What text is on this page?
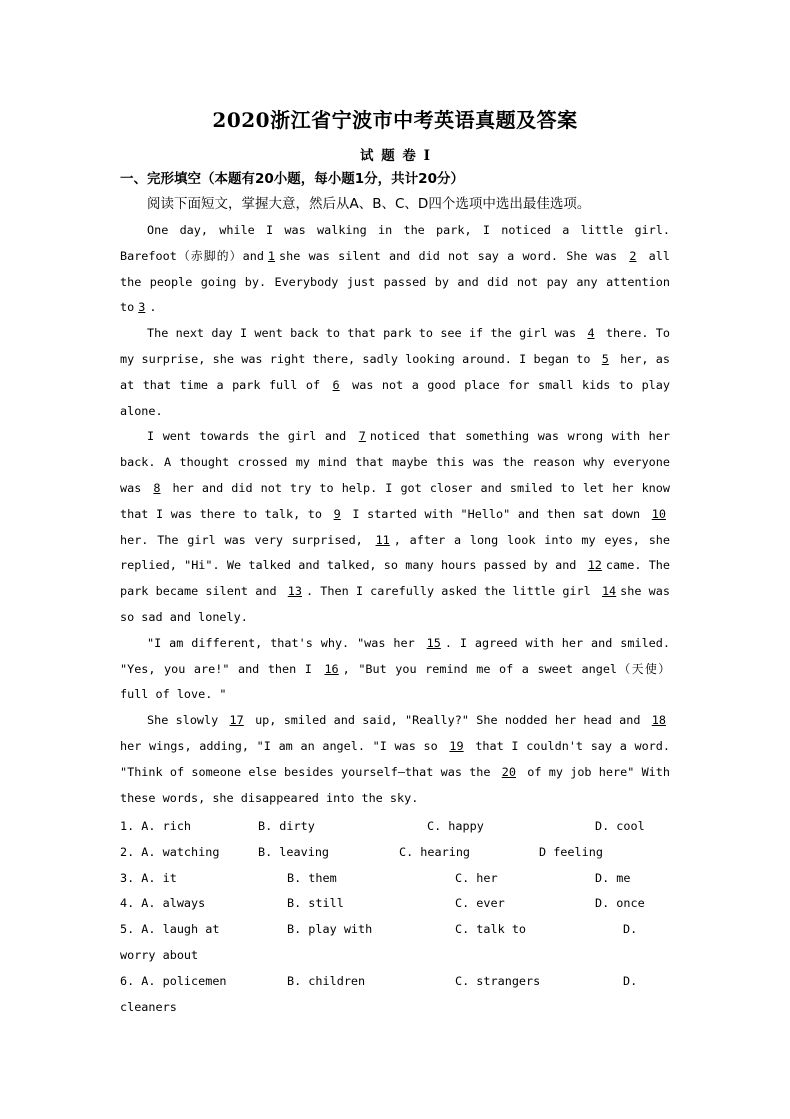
2020浙江省宁波市中考英语真题及答案
试 题 卷 I
一、完形填空（本题有20小题，每小题1分，共计20分）
阅读下面短文，掌握大意，然后从A、B、C、D四个选项中选出最佳选项。

One day, while I was walking in the park, I noticed a little girl. Barefoot（赤脚的）and 1 she was silent and did not say a word. She was 2 all the people going by. Everybody just passed by and did not pay any attention to 3 .

The next day I went back to that park to see if the girl was 4 there. To my surprise, she was right there, sadly looking around. I began to 5 her, as at that time a park full of 6 was not a good place for small kids to play alone.

I went towards the girl and 7 noticed that something was wrong with her back. A thought crossed my mind that maybe this was the reason why everyone was 8 her and did not try to help. I got closer and smiled to let her know that I was there to talk, to 9 I started with "Hello" and then sat down 10 her. The girl was very surprised, 11 , after a long look into my eyes, she replied, "Hi". We talked and talked, so many hours passed by and 12 came. The park became silent and 13 . Then I carefully asked the little girl 14 she was so sad and lonely.

"I am different, that's why. "was her 15 . I agreed with her and smiled. "Yes, you are!" and then I 16 , "But you remind me of a sweet angel（天使）full of love. "

She slowly 17 up, smiled and said, "Really?" She nodded her head and 18 her wings, adding, "I am an angel. "I was so 19 that I couldn't say a word. "Think of someone else besides yourself—that was the 20 of my job here" With these words, she disappeared into the sky.

1. A. rich	B. dirty	C. happy	D. cool
2. A. watching	B. leaving	C. hearing	D feeling
3. A. it	B. them	C. her	D. me
4. A. always	B. still	C. ever	D. once
5. A. laugh at	B. play with	C. talk to	D.
worry about
6. A. policemen	B. children	C. strangers	D.
cleaners
